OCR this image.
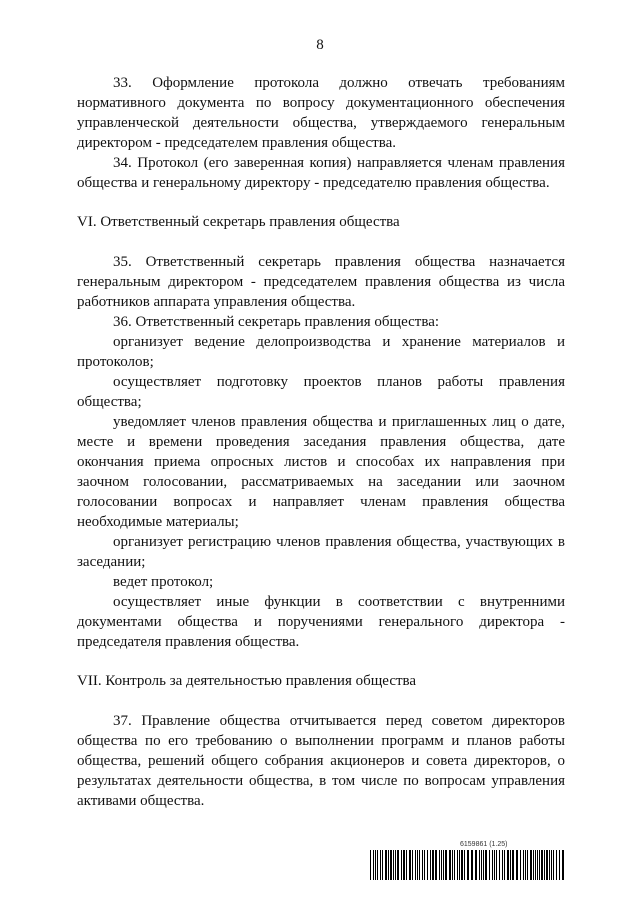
8

33. Оформление протокола должно отвечать требованиям нормативного документа по вопросу документационного обеспечения управленческой деятельности общества, утверждаемого генеральным директором - председателем правления общества.

34. Протокол (его заверенная копия) направляется членам правления общества и генеральному директору - председателю правления общества.

VI. Ответственный секретарь правления общества

35. Ответственный секретарь правления общества назначается генеральным директором - председателем правления общества из числа работников аппарата управления общества.

36. Ответственный секретарь правления общества:

организует ведение делопроизводства и хранение материалов и протоколов;

осуществляет подготовку проектов планов работы правления общества;

уведомляет членов правления общества и приглашенных лиц о дате, месте и времени проведения заседания правления общества, дате окончания приема опросных листов и способах их направления при заочном голосовании, рассматриваемых на заседании или заочном голосовании вопросах и направляет членам правления общества необходимые материалы;

организует регистрацию членов правления общества, участвующих в заседании;

ведет протокол;

осуществляет иные функции в соответствии с внутренними документами общества и поручениями генерального директора - председателя правления общества.

VII. Контроль за деятельностью правления общества

37. Правление общества отчитывается перед советом директоров общества по его требованию о выполнении программ и планов работы общества, решений общего собрания акционеров и совета директоров, о результатах деятельности общества, в том числе по вопросам управления активами общества.

6159861 (1.25)
